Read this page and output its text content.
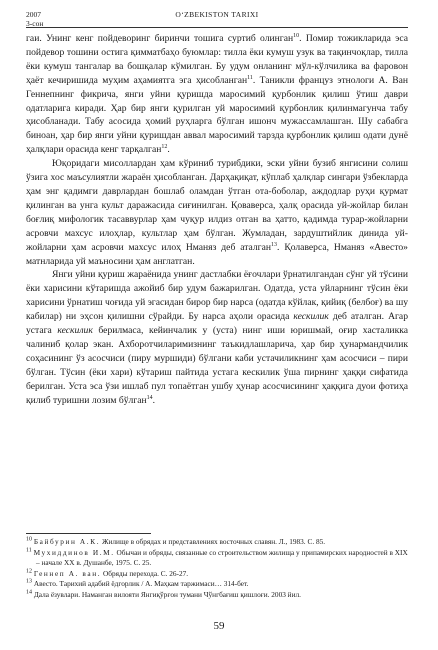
2007
3-сон
O‘ZBEKISTON TARIXI

гаи. Унинг кенг пойдеворинг биринчи тошига суртиб олинган$^{10}$. Помир тожикларида эса пойдевор тошини остига қимматбаҳо буюмлар: тилла ёки кумуш узук ва тақинчоқлар, тилла ёки кумуш тангалар ва бошқалар кўмилган. Бу удум онланинг мўл-кўлчилика ва фаровон ҳаёт кечиришида муҳим аҳамиятга эга ҳисобланган$^{11}$. Таникли француз этнологи А. Ван Геннепнинг фикрича, янги уйни қуришда маросимий қурбонлик қилиш ўтиш даври одатларига киради. Ҳар бир янги қурилган уй маросимий қурбонлик қилинмагунча табу ҳисобланади. Табу асосида ҳомий руҳларга бўлган ишонч мужассамлашган. Шу сабабга биноан, ҳар бир янги уйни қуришдан аввал маросимий тарзда қурбонлик қилиш одати дунё ҳалқлари орасида кенг тарқалган$^{12}$.

Юқоридаги мисоллардан ҳам кўриниб турибдики, эски уйни бузиб янгисини солиш ўзига хос маъсулиятли жараён ҳисобланган. Дарҳақиқат, кўплаб ҳалқлар сингари ўзбекларда ҳам энг қадимги даврлардан бошлаб оламдан ўтган ота-боболар, аждодлар руҳи қурмат қилинган ва унга культ даражасида сиғинилган. Қоваверса, ҳалқ орасида уй-жойлар билан боғлиқ мифологик тасаввурлар ҳам чуқур илдиз отган ва ҳатто, қадимда турар-жойларни асровчи махсус илоҳлар, культлар ҳам бўлган. Жумладан, зардуштийлик динида уй-жойларни ҳам асровчи махсус илоҳ Нманяз деб аталган$^{13}$. Қолаверса, Нманяз «Авесто» матнларида уй маъносини ҳам англатган.

Янги уйни қуриш жараёнида унинг дастлабки ёғочлари ўрнатилгандан сўнг уй тўсини ёки харисини кўтаришда ажойиб бир удум бажарилган. Одатда, уста уйларнинг тўсин ёки харисини ўрнатиш чоғида уй эгасидан бирор бир нарса (одатда кўйлак, қийиқ (белбоғ) ва шу кабилар) ни эҳсон қилишни сўрайди. Бу нарса аҳоли орасида кескилик деб аталган. Агар устага кескилик берилмаса, кейинчалик у (уста) нинг иши юришмай, оғир хасталикка чалиниб қолар экан. Ахборотчиларимизнинг таъкидлашларича, ҳар бир ҳунармандчилик соҳасининг ўз асосчиси (пиру муршиди) бўлгани каби устачиликнинг ҳам асосчиси – пири бўлган. Тўсин (ёки хари) кўтариш пайтида устага кескилик ўша пирнинг ҳаққи сифатида берилган. Уста эса ўзи ишлаб пул топаётган ушбу ҳунар асосчисининг ҳаққига дуои фотиҳа қилиб туришни лозим бўлган$^{14}$.

$^{10}$ Байбурин А.К. Жилище в обрядах и представлениях восточных славян. Л., 1983. С. 85.
$^{11}$ Мухиддинов И.М. Обычаи и обряды, связанные со строительством жилища у припамирских народностей в XIX – начале XX в. Душанбе, 1975. С. 25.
$^{12}$ Геннеп А. ван. Обряды перехода. С. 26-27.
$^{13}$ Авесто. Тарихий адабий ёдгорлик / А. Маҳкам таржимаси… 314-бет.
$^{14}$ Дала ёзувлари. Наманган вилояти Янгиқўрғон тумани Чўнгбағиш қишлоғи. 2003 йил.
59
